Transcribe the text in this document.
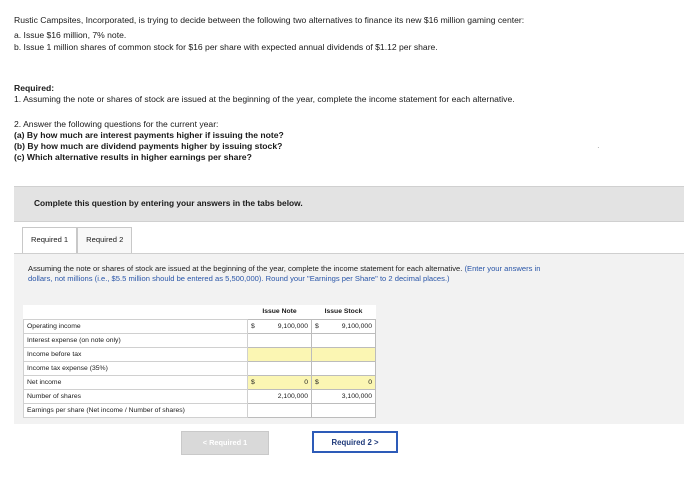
Rustic Campsites, Incorporated, is trying to decide between the following two alternatives to finance its new $16 million gaming center:

a. Issue $16 million, 7% note.

b. Issue 1 million shares of common stock for $16 per share with expected annual dividends of $1.12 per share.

Required:
1. Assuming the note or shares of stock are issued at the beginning of the year, complete the income statement for each alternative.
2. Answer the following questions for the current year:
(a) By how much are interest payments higher if issuing the note?
(b) By how much are dividend payments higher by issuing stock?
(c) Which alternative results in higher earnings per share?
Complete this question by entering your answers in the tabs below.
Required 1	Required 2
Assuming the note or shares of stock are issued at the beginning of the year, complete the income statement for each alternative. (Enter your answers in dollars, not millions (i.e., $5.5 million should be entered as 5,500,000). Round your "Earnings per Share" to 2 decimal places.)
	Issue Note	Issue Stock
Operating income	$ 9,100,000	$ 9,100,000
Interest expense (on note only)		
Income before tax		
Income tax expense (35%)		
Net income	$ 0	$ 0
Number of shares	2,100,000	3,100,000
Earnings per share (Net income / Number of shares)		
< Required 1	Required 2 >
·
